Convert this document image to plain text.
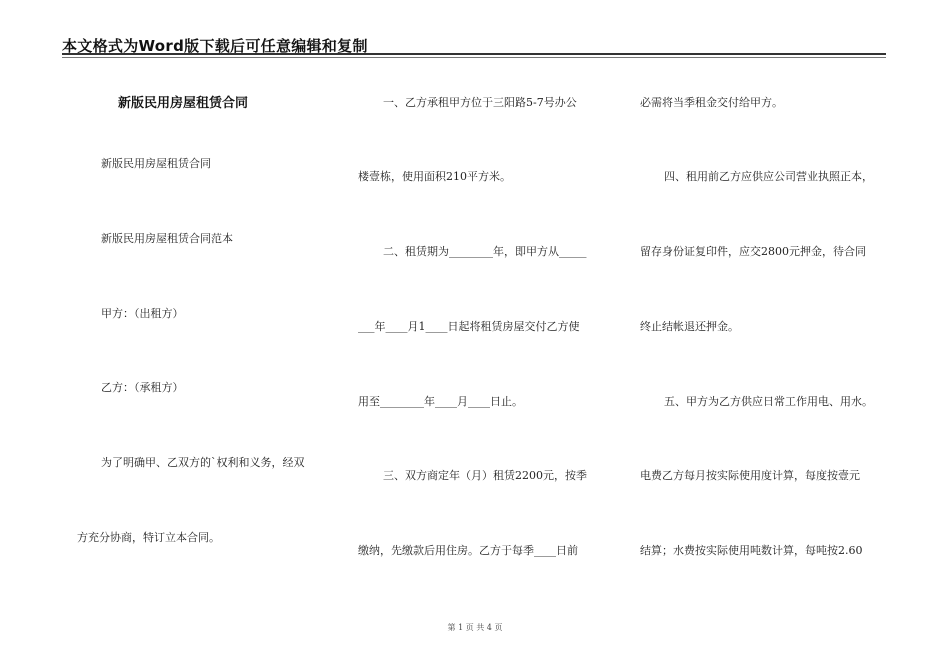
本文格式为Word版下载后可任意编辑和复制
新版民用房屋租赁合同
新版民用房屋租赁合同
新版民用房屋租赁合同范本
甲方：（出租方）
乙方：（承租方）
为了明确甲、乙双方的`权利和义务，经双
方充分协商，特订立本合同。
一、乙方承租甲方位于三阳路5-7号办公
楼壹栋，使用面积210平方米。
二、租赁期为________年，即甲方从_____
___年____月1____日起将租赁房屋交付乙方使
用至________年____月____日止。
三、双方商定年（月）租赁2200元，按季
缴纳，先缴款后用住房。乙方于每季____日前
必需将当季租金交付给甲方。
四、租用前乙方应供应公司营业执照正本，
留存身份证复印件，应交2800元押金，待合同
终止结帐退还押金。
五、甲方为乙方供应日常工作用电、用水。
电费乙方每月按实际使用度计算，每度按壹元
结算；水费按实际使用吨数计算，每吨按2.60
第 1 页 共 4 页
